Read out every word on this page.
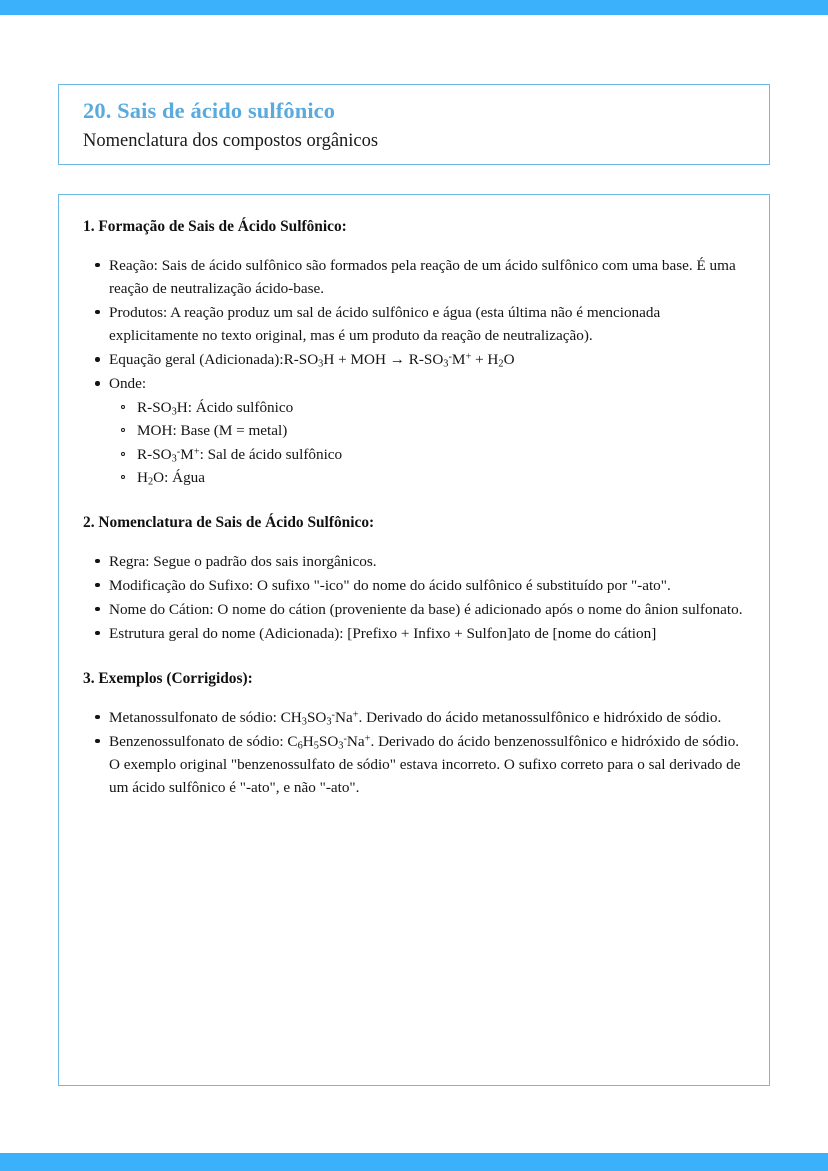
20. Sais de ácido sulfônico
Nomenclatura dos compostos orgânicos
1. Formação de Sais de Ácido Sulfônico:
Reação: Sais de ácido sulfônico são formados pela reação de um ácido sulfônico com uma base. É uma reação de neutralização ácido-base.
Produtos: A reação produz um sal de ácido sulfônico e água (esta última não é mencionada explicitamente no texto original, mas é um produto da reação de neutralização).
Equação geral $(Adicionada):R-SO_3H$ + MOH → $R-SO_3^-M^+ + H_2O$
Onde:
$R-SO_3H$: Ácido sulfônico
MOH: Base (M = metal)
$R-SO_3^-M^+$: Sal de ácido sulfônico
$H_2O$: Água
2. Nomenclatura de Sais de Ácido Sulfônico:
Regra: Segue o padrão dos sais inorgânicos.
Modificação do Sufixo: O sufixo "-ico" do nome do ácido sulfônico é substituído por "-ato".
Nome do Cátion: O nome do cátion (proveniente da base) é adicionado após o nome do ânion sulfonato.
Estrutura geral do nome (Adicionada): [Prefixo + Infixo + Sulfon]ato de [nome do cátion]
3. Exemplos (Corrigidos):
Metanossulfonato de sódio: $CH_3SO_3^-Na^+$. Derivado do ácido metanossulfônico e hidróxido de sódio.
Benzenossulfonato de sódio: $C_6H_5SO_3^-Na^+$. Derivado do ácido benzenossulfônico e hidróxido de sódio. O exemplo original "benzenossulfato de sódio" estava incorreto. O sufixo correto para o sal derivado de um ácido sulfônico é "-ato", e não "-ato".
